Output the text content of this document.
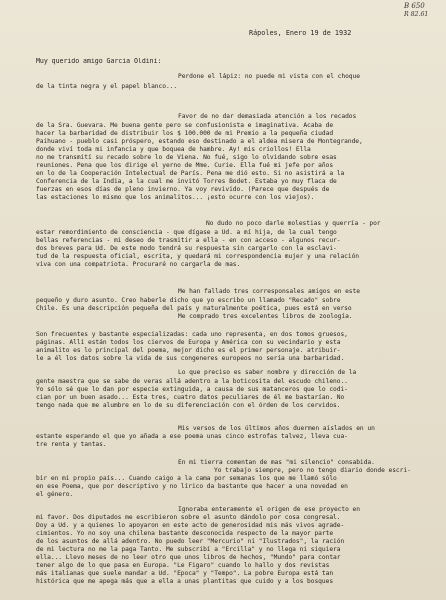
B 650
R 82.61
Rápoles, Enero 19 de 1932
Muy querido amigo García Oldini:
Perdone el lápiz: no puede mi vista con el choque
de la tinta negra y el papel blanco...
Favor de no dar demasiada atención a los recados
de la Sra. Guevara. Me buena gente pero se confusionista e imaginativa. Acaba de
hacer la barbaridad de distribuir los $ 100.000 de mi Premio a la pequeña ciudad
Paihuano - pueblo casi próspero, estando eso destinado a el aldea misera de Montegrande,
donde viví toda mi infancia y que boquea de hambre. Ay! mis criollos! Ella
no me transmití su recado sobre lo de Viena. No fué, sigo lo olvidando sobre esas
reuniones. Pena que los dirige el yerno de Mme. Curie. Ella fué mi jefe por años
en lo de la Cooperación Intelectual de París. Pena me dió esto. Si no asistirá a la
Conferencia de la India, a la cual me invitó Torres Bodet. Estaba yo muy flaca de
fuerzas en esos días de pleno invierno. Ya voy revivido. (Parece que después de
las estaciones lo mismo que los animalitos... ¡esto ocurre con los viejos).
No dudo no poco darle molestias y querría - por
estar remordimiento de consciencia - que dígase a Ud. a mí hija, de la cual tengo
bellas referencias - mi deseo de trasmitir a ella - en con acceso - algunos recur-
dos breves para Ud. De este modo tendrá su respuesta sin cargarlo con la esclavi-
tud de la respuesta oficial, escrita, y quedará mi correspondencia mujer y una relación
viva con una compatriota. Procuraré no cargarla de mas.
Me han fallado tres corresponsales amigos en este
pequeño y duro asunto. Creo haberle dicho que yo escribo un llamado "Recado" sobre
Chile. Es una descripción pequeña del país y naturalmente poética, pues está en verso
Me comprado tres excelentes libros de zoología.
Son frecuentes y bastante especializadas: cada uno representa, en dos tomos gruesos,
páginas. Allí están todos los ciervos de Europa y América con su vecindario y esta
animalito es lo principal del poema, mejor dicho es el primer personaje. atribuir-
le a él los datos sobre la vida de sus congeneres europeos no sería una barbaridad.
Lo que preciso es saber nombre y dirección de la
gente maestra que se sabe de veras allá adentro a la boticosita del escudo chileno..
Yo sólo sé que lo dan por especie extinguida, a causa de sus matanceros que lo codi-
cian por un buen asado... Esta tres, cuatro datos peculiares de él me bastarían. No
tengo nada que me alumbre en lo de su diferenciación con el órden de los cervidos.
Mis versos de los últimos años duermen aislados en un
estante esperando el que yo añada a ese poema unas cinco estrofas talvez, lleva cua-
tre renta y tantas.
En mi tierra comentan de mas "mi silencio" consabida.
Yo trabajo siempre, pero no tengo diario donde escri-
bir en mi propio país... Cuando caigo a la cama por semanas los que me llamó sólo
en ese Poema, que por descriptivo y no lírico da bastante que hacer a una novedad en
el género.
Ignoraba enteramente el origen de ese proyecto en
mi favor. Dos diputados me escribieron sobre el asunto dándolo por cosa congresal.
Doy a Ud. y a quienes lo apoyaron en este acto de generosidad mis más vivos agrade-
cimientos. Yo no soy una chilena bastante desconocida respecto de la mayor parte
de los asuntos de allá adentro. No puedo leer "Mercurio" ni "Ilustrados", la ración
de mi lectura no me la paga Tanto. Me subscribí a "Ercilla" y no llega ni siquiera
ella... Llevo meses de no leer otro que unos libros de hechos, "Mundo" para contar
tener algo de lo que pasa en Europa. "Le Figaro" cuando lo hallo y dos revistas
más italianas que suele mandar a Ud. "Epoca" y "Tempo". La pobre Europa está tan
histórica que me apega más que a ella a unas plantitas que cuido y a los bosques
